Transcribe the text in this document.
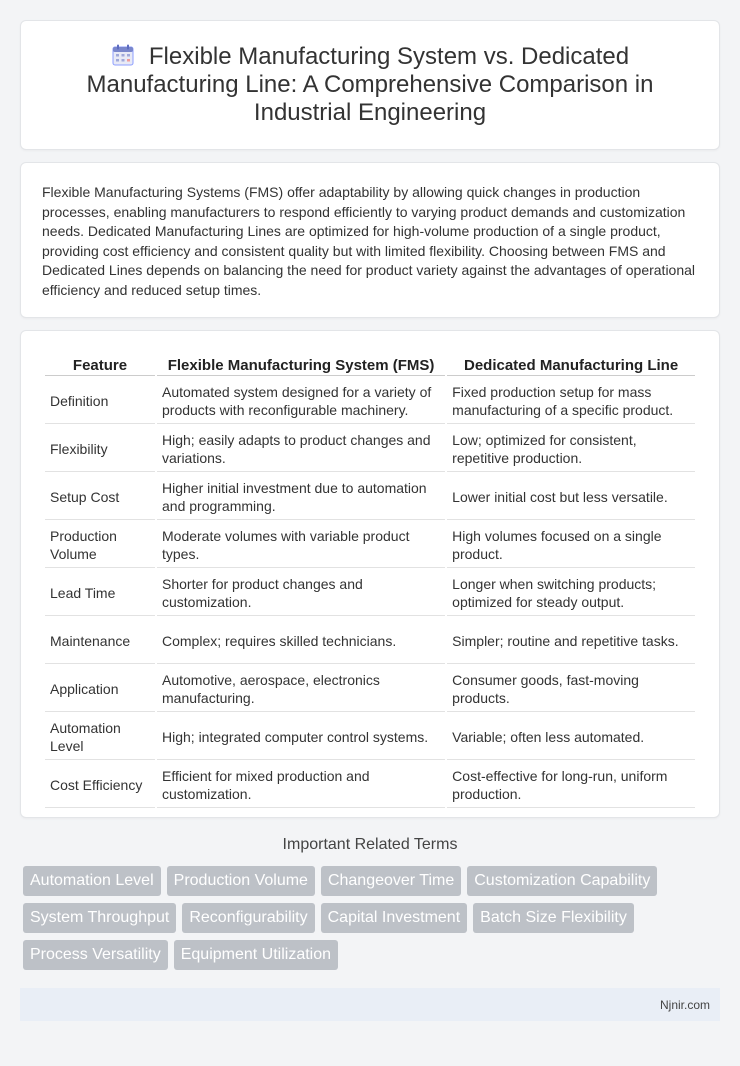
Flexible Manufacturing System vs. Dedicated Manufacturing Line: A Comprehensive Comparison in Industrial Engineering

Flexible Manufacturing Systems (FMS) offer adaptability by allowing quick changes in production processes, enabling manufacturers to respond efficiently to varying product demands and customization needs. Dedicated Manufacturing Lines are optimized for high-volume production of a single product, providing cost efficiency and consistent quality but with limited flexibility. Choosing between FMS and Dedicated Lines depends on balancing the need for product variety against the advantages of operational efficiency and reduced setup times.

Feature	Flexible Manufacturing System (FMS)	Dedicated Manufacturing Line
Definition	Automated system designed for a variety of products with reconfigurable machinery.	Fixed production setup for mass manufacturing of a specific product.
Flexibility	High; easily adapts to product changes and variations.	Low; optimized for consistent, repetitive production.
Setup Cost	Higher initial investment due to automation and programming.	Lower initial cost but less versatile.
Production Volume	Moderate volumes with variable product types.	High volumes focused on a single product.
Lead Time	Shorter for product changes and customization.	Longer when switching products; optimized for steady output.
Maintenance	Complex; requires skilled technicians.	Simpler; routine and repetitive tasks.
Application	Automotive, aerospace, electronics manufacturing.	Consumer goods, fast-moving products.
Automation Level	High; integrated computer control systems.	Variable; often less automated.
Cost Efficiency	Efficient for mixed production and customization.	Cost-effective for long-run, uniform production.
Important Related Terms
Automation Level	Production Volume	Changeover Time	Customization Capability
System Throughput	Reconfigurability	Capital Investment	Batch Size Flexibility
Process Versatility	Equipment Utilization
Njnir.com
